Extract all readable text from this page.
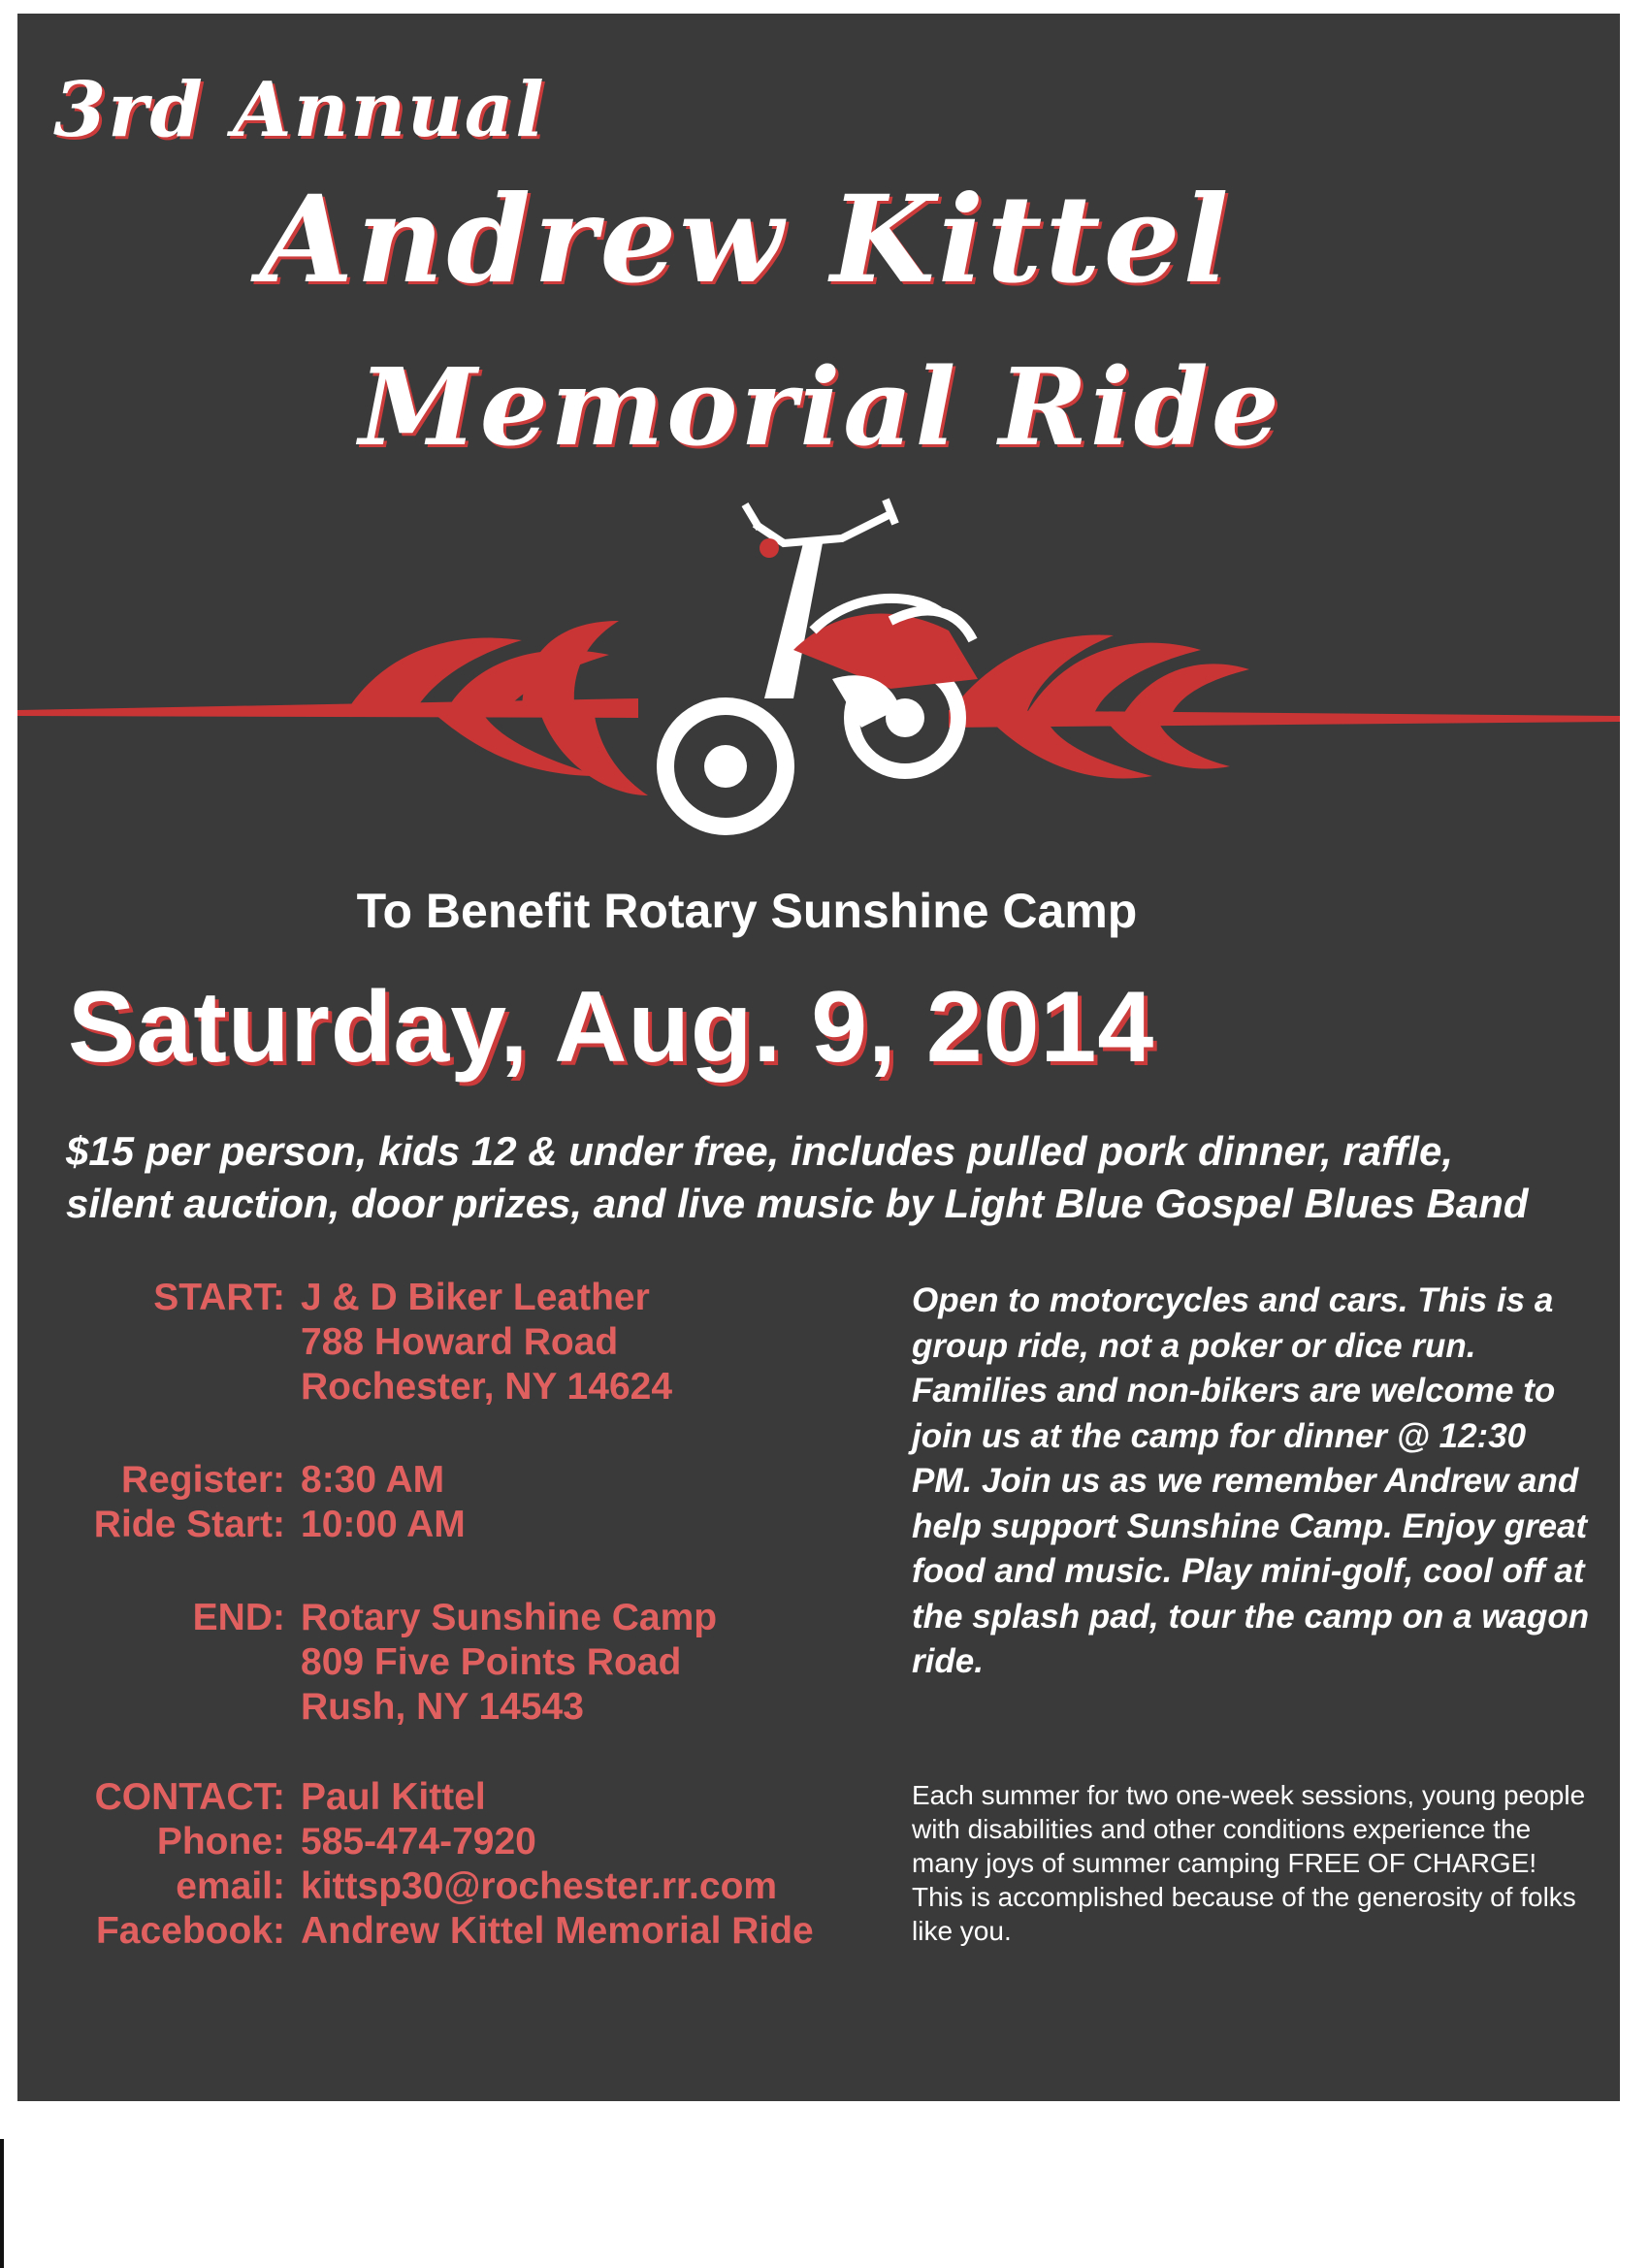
3rd Annual
Andrew Kittel
Memorial Ride
To Benefit Rotary Sunshine Camp
Saturday, Aug. 9, 2014
$15 per person, kids 12 & under free, includes pulled pork dinner, raffle, silent auction, door prizes, and live music by Light Blue Gospel Blues Band
START: J & D Biker Leather
788 Howard Road
Rochester, NY 14624
Register: 8:30 AM
Ride Start: 10:00 AM
END: Rotary Sunshine Camp
809 Five Points Road
Rush, NY 14543
CONTACT: Paul Kittel
Phone: 585-474-7920
email: kittsp30@rochester.rr.com
Facebook: Andrew Kittel Memorial Ride
Open to motorcycles and cars. This is a group ride, not a poker or dice run. Families and non-bikers are welcome to join us at the camp for dinner @ 12:30 PM. Join us as we remember Andrew and help support Sunshine Camp. Enjoy great food and music. Play mini-golf, cool off at the splash pad, tour the camp on a wagon ride.
Each summer for two one-week sessions, young people with disabilities and other conditions experience the many joys of summer camping FREE OF CHARGE! This is accomplished because of the generosity of folks like you.
